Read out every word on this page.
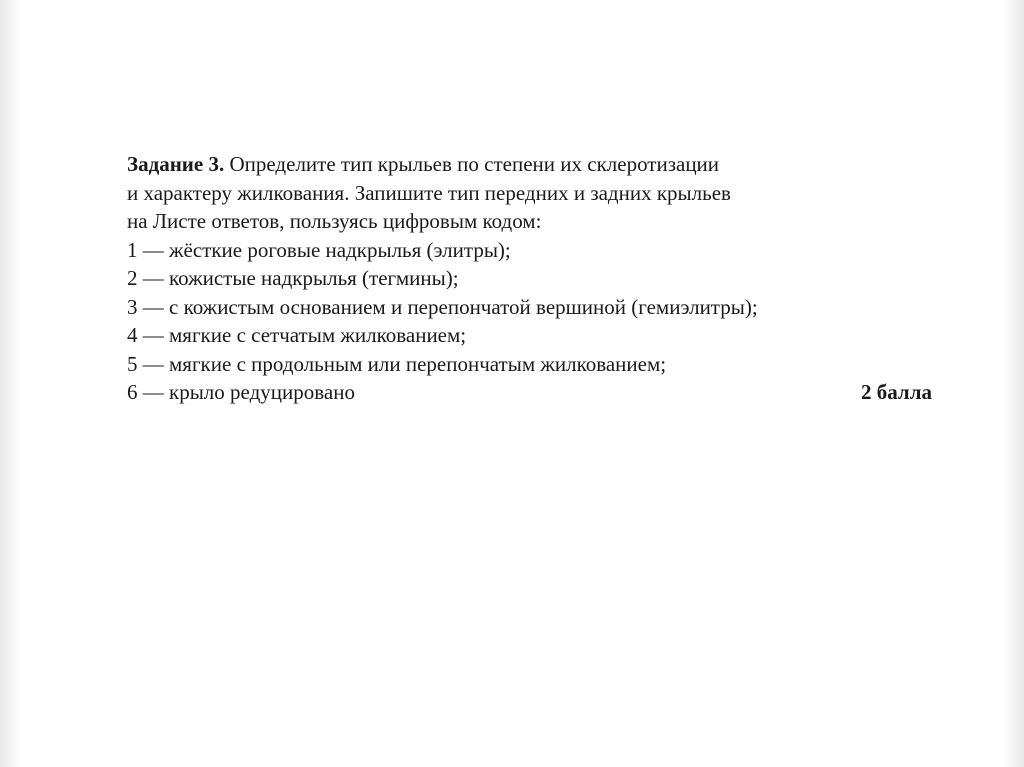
Задание 3. Определите тип крыльев по степени их склеротизации

и характеру жилкования. Запишите тип передних и задних крыльев

на Листе ответов, пользуясь цифровым кодом:

1 — жёсткие роговые надкрылья (элитры);

2 — кожистые надкрылья (тегмины);

3 — с кожистым основанием и перепончатой вершиной (гемиэлитры);

4 — мягкие с сетчатым жилкованием;

5 — мягкие с продольным или перепончатым жилкованием;

6 — крыло редуцировано	2 балла
